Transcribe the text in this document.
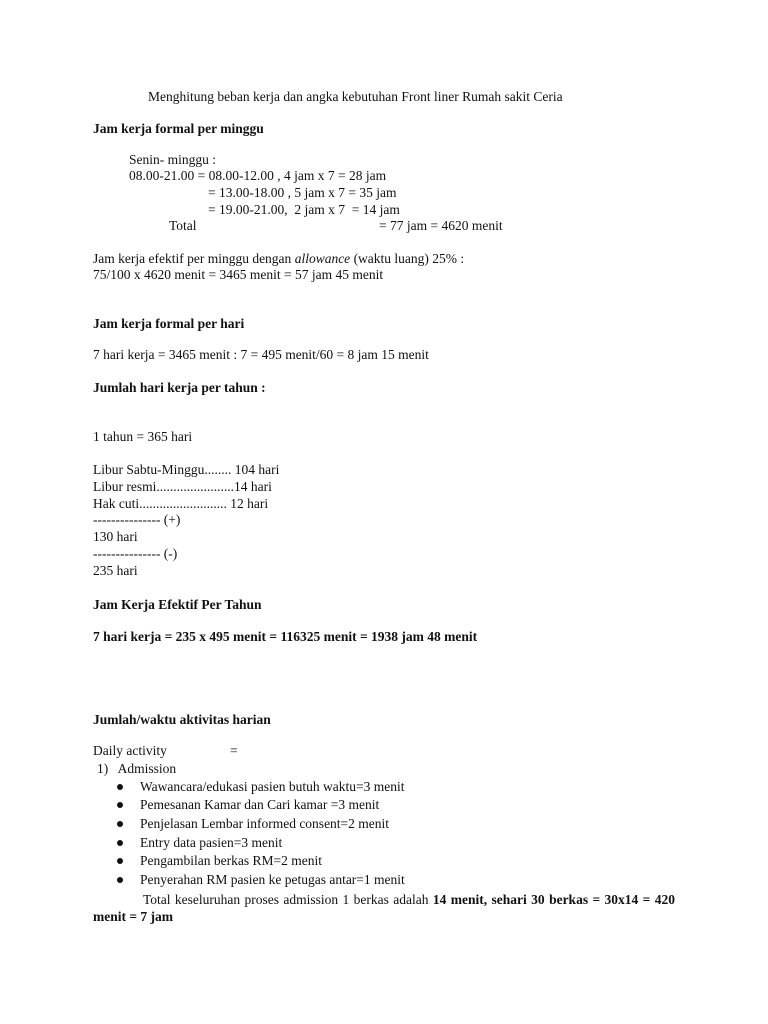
Menghitung beban kerja dan angka kebutuhan Front liner Rumah sakit Ceria
Jam kerja formal per minggu
Senin- minggu :
08.00-21.00 = 08.00-12.00 , 4 jam x 7 = 28 jam
= 13.00-18.00 , 5 jam x 7 = 35 jam
= 19.00-21.00,  2 jam x 7  = 14 jam
Total	= 77 jam = 4620 menit
Jam kerja efektif per minggu dengan allowance (waktu luang) 25% :
75/100 x 4620 menit = 3465 menit = 57 jam 45 menit
Jam kerja formal per hari
7 hari kerja = 3465 menit : 7 = 495 menit/60 = 8 jam 15 menit
Jumlah hari kerja per tahun :
1 tahun = 365 hari
Libur Sabtu-Minggu........ 104 hari
Libur resmi.......................14 hari
Hak cuti.......................... 12 hari
--------------- (+)
130 hari
--------------- (-)
235 hari
Jam Kerja Efektif Per Tahun
7 hari kerja = 235 x 495 menit = 116325 menit = 1938 jam 48 menit
Jumlah/waktu aktivitas harian
Daily activity	=
1)   Admission
Wawancara/edukasi pasien butuh waktu=3 menit
Pemesanan Kamar dan Cari kamar =3 menit
Penjelasan Lembar informed consent=2 menit
Entry data pasien=3 menit
Pengambilan berkas RM=2 menit
Penyerahan RM pasien ke petugas antar=1 menit
Total keseluruhan proses admission 1 berkas adalah 14 menit, sehari 30 berkas = 30x14 = 420 menit = 7 jam
